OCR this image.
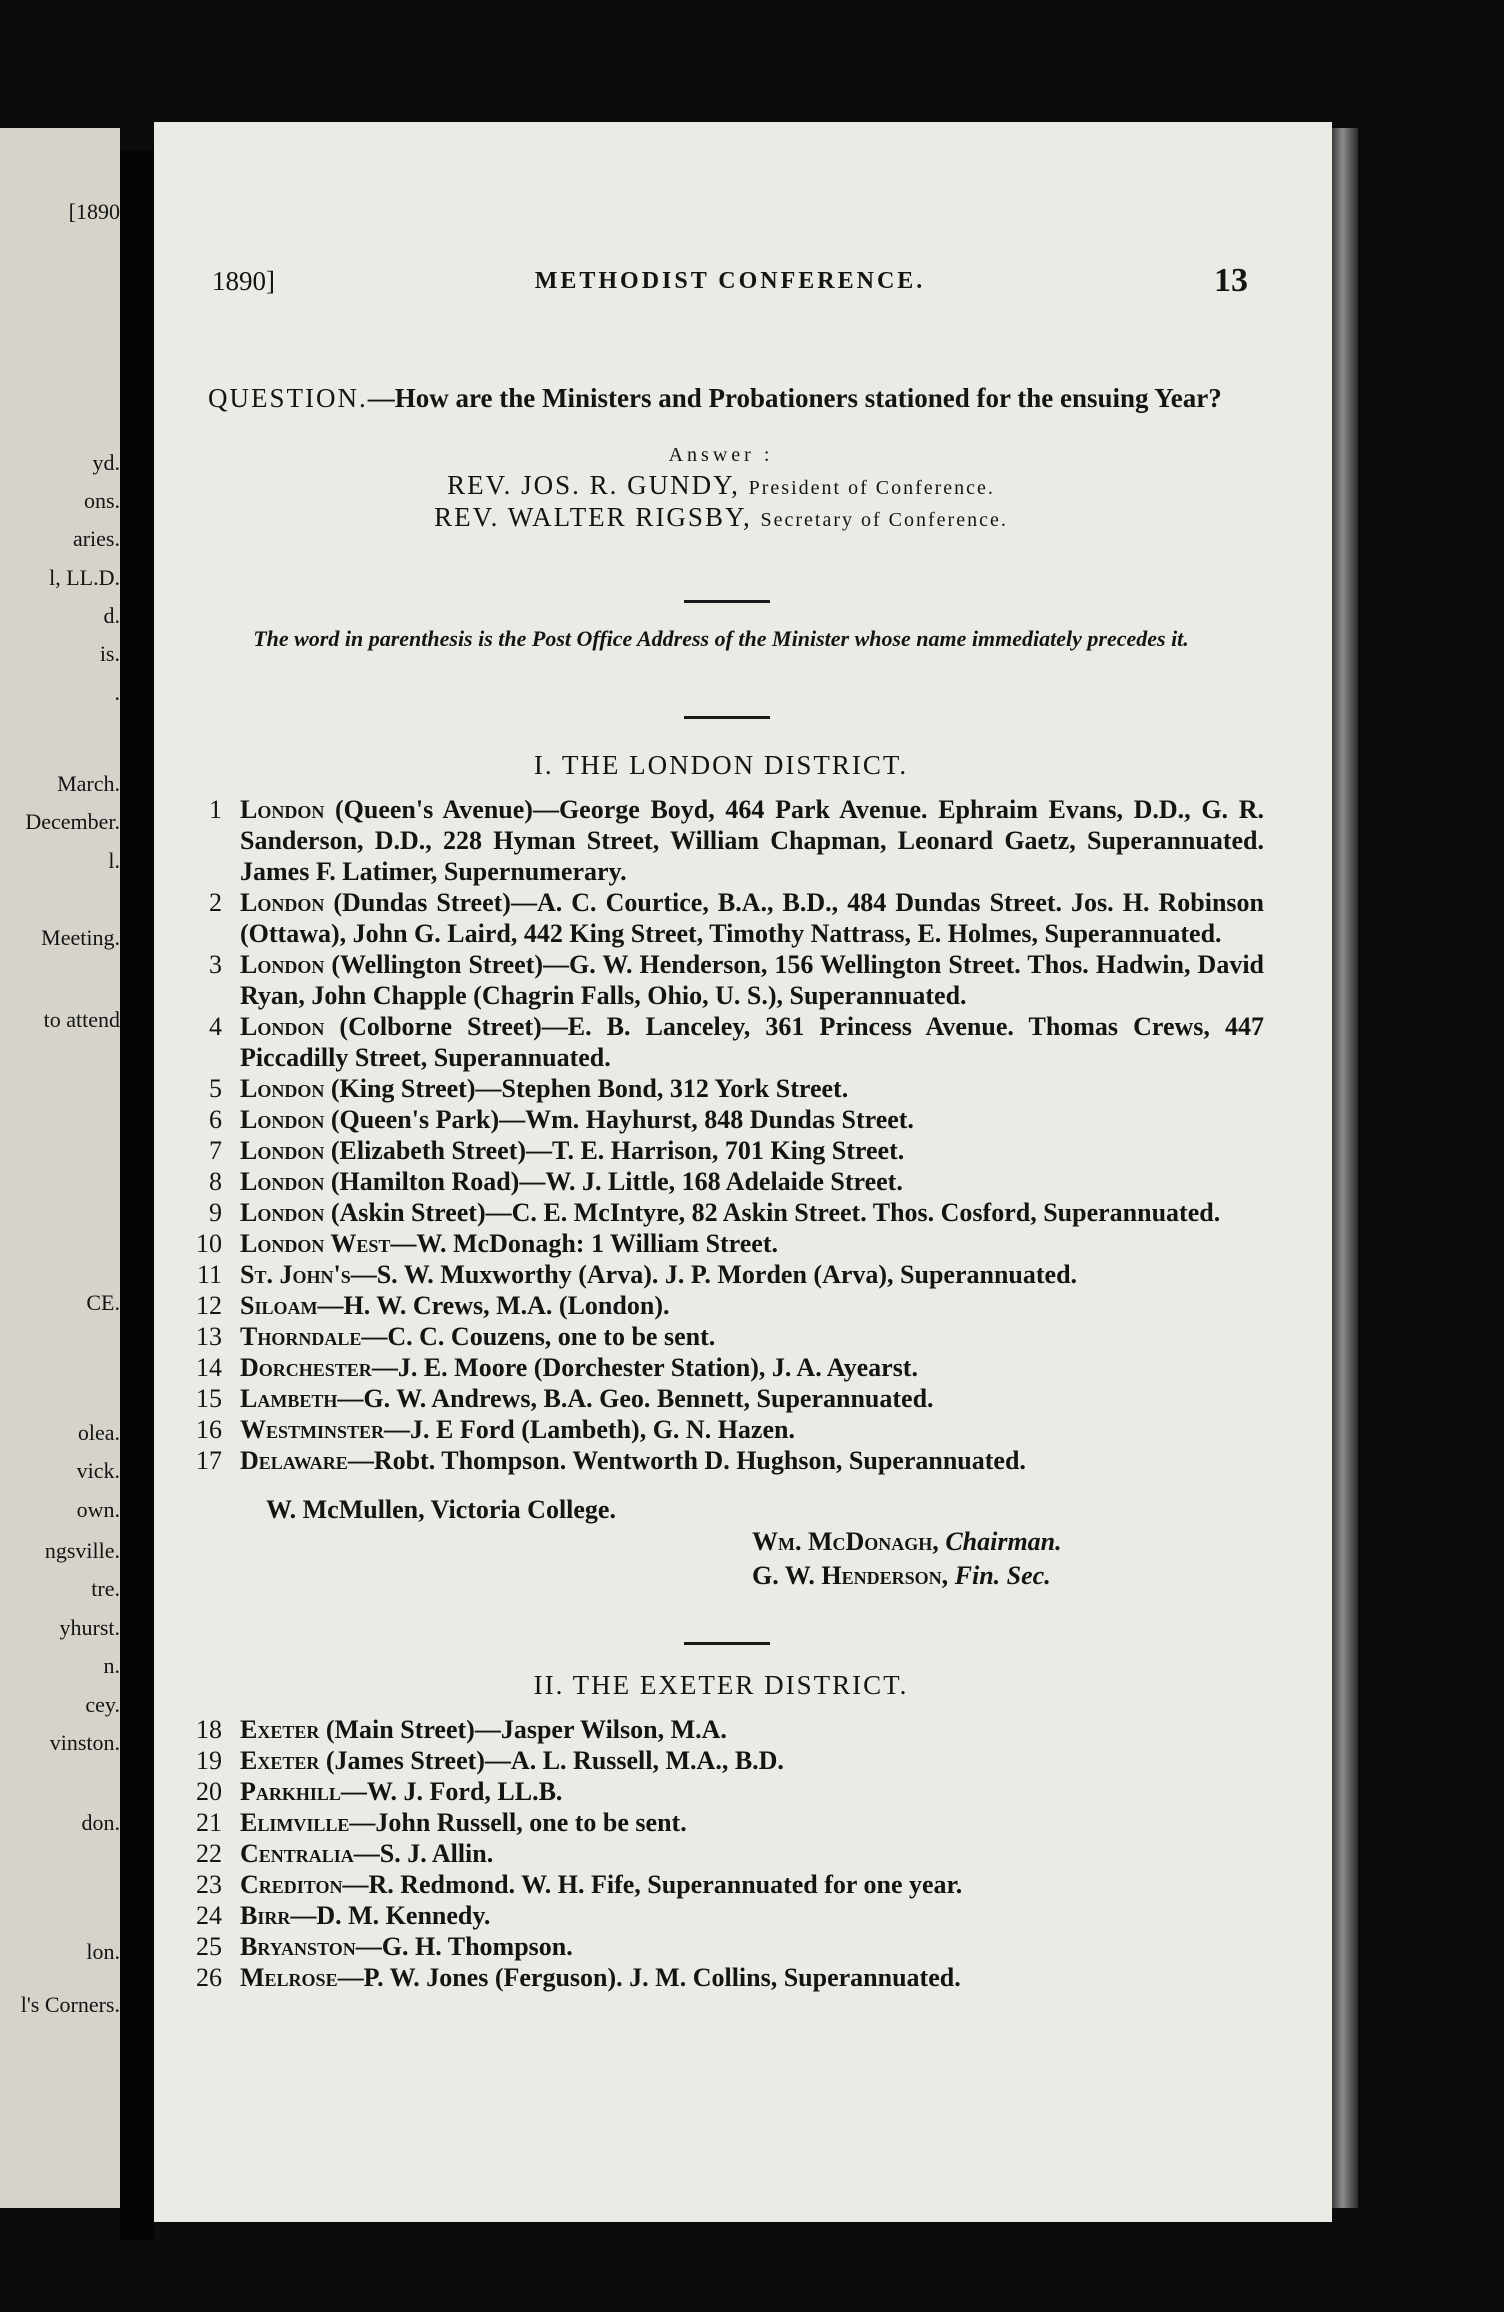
[1890
yd.
ons.
aries.
l, LL.D.
d.
is.
.
March.
December.
l.
Meeting.
to attend
CE.
olea.
vick.
own.
ngsville.
tre.
yhurst.
n.
cey.
vinston.
don.
lon.
l's Corners.
1890]	METHODIST CONFERENCE.	13
QUESTION.—How are the Ministers and Probationers stationed for the ensuing Year?
Answer :
REV. JOS. R. GUNDY, President of Conference.
REV. WALTER RIGSBY, Secretary of Conference.
The word in parenthesis is the Post Office Address of the Minister whose name immediately precedes it.
I. THE LONDON DISTRICT.
1 London (Queen's Avenue)—George Boyd, 464 Park Avenue. Ephraim Evans, D.D., G. R. Sanderson, D.D., 228 Hyman Street, William Chapman, Leonard Gaetz, Superannuated. James F. Latimer, Supernumerary.
2 London (Dundas Street)—A. C. Courtice, B.A., B.D., 484 Dundas Street. Jos. H. Robinson (Ottawa), John G. Laird, 442 King Street, Timothy Nattrass, E. Holmes, Superannuated.
3 London (Wellington Street)—G. W. Henderson, 156 Wellington Street. Thos. Hadwin, David Ryan, John Chapple (Chagrin Falls, Ohio, U. S.), Superannuated.
4 London (Colborne Street)—E. B. Lanceley, 361 Princess Avenue. Thomas Crews, 447 Piccadilly Street, Superannuated.
5 London (King Street)—Stephen Bond, 312 York Street.
6 London (Queen's Park)—Wm. Hayhurst, 848 Dundas Street.
7 London (Elizabeth Street)—T. E. Harrison, 701 King Street.
8 London (Hamilton Road)—W. J. Little, 168 Adelaide Street.
9 London (Askin Street)—C. E. McIntyre, 82 Askin Street. Thos. Cosford, Superannuated.
10 London West—W. McDonagh: 1 William Street.
11 St. John's—S. W. Muxworthy (Arva). J. P. Morden (Arva), Superannuated.
12 Siloam—H. W. Crews, M.A. (London).
13 Thorndale—C. C. Couzens, one to be sent.
14 Dorchester—J. E. Moore (Dorchester Station), J. A. Ayearst.
15 Lambeth—G. W. Andrews, B.A. Geo. Bennett, Superannuated.
16 Westminster—J. E Ford (Lambeth), G. N. Hazen.
17 Delaware—Robt. Thompson. Wentworth D. Hughson, Superannuated.
W. McMullen, Victoria College.
Wm. McDonagh, Chairman.
G. W. Henderson, Fin. Sec.
II. THE EXETER DISTRICT.
18 Exeter (Main Street)—Jasper Wilson, M.A.
19 Exeter (James Street)—A. L. Russell, M.A., B.D.
20 Parkhill—W. J. Ford, LL.B.
21 Elimville—John Russell, one to be sent.
22 Centralia—S. J. Allin.
23 Crediton—R. Redmond. W. H. Fife, Superannuated for one year.
24 Birr—D. M. Kennedy.
25 Bryanston—G. H. Thompson.
26 Melrose—P. W. Jones (Ferguson). J. M. Collins, Superannuated.
